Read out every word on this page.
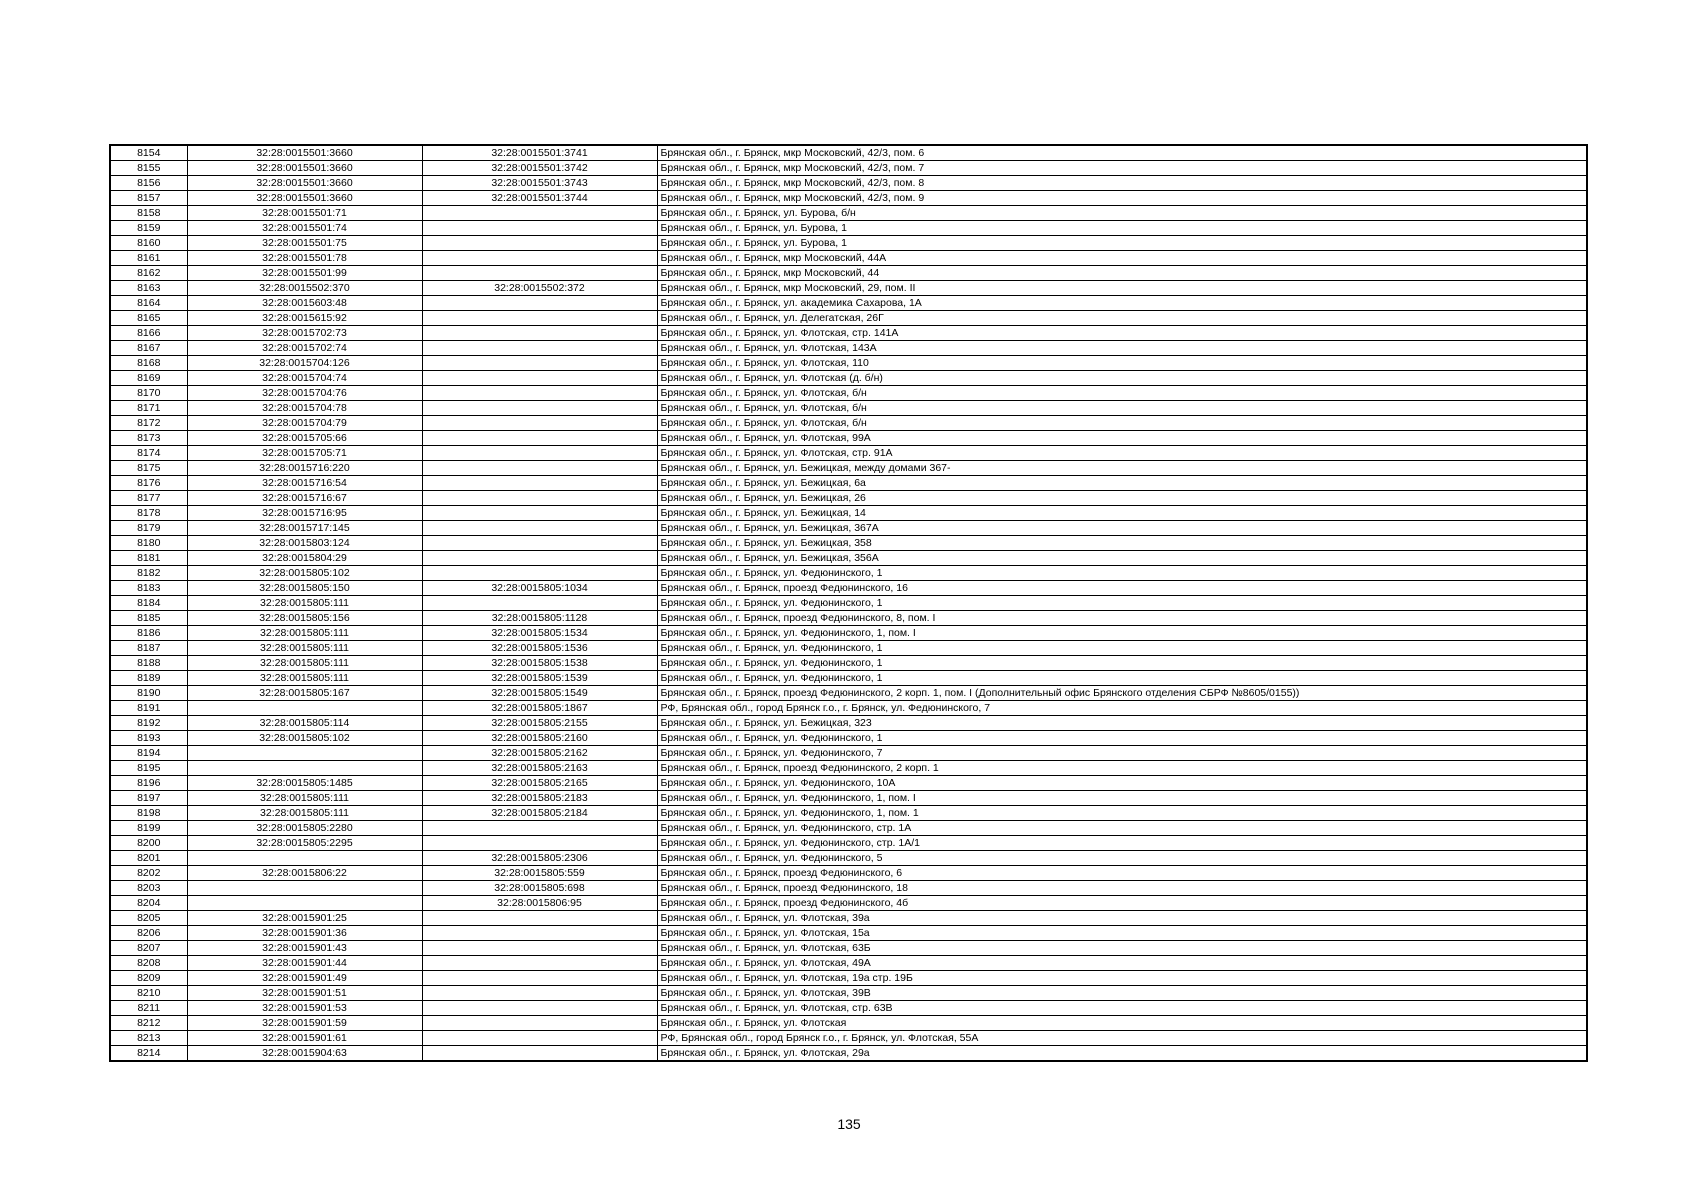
8154	32:28:0015501:3660	32:28:0015501:3741	Брянская обл., г. Брянск, мкр Московский, 42/3, пом. 6
8155	32:28:0015501:3660	32:28:0015501:3742	Брянская обл., г. Брянск, мкр Московский, 42/3, пом. 7
8156	32:28:0015501:3660	32:28:0015501:3743	Брянская обл., г. Брянск, мкр Московский, 42/3, пом. 8
8157	32:28:0015501:3660	32:28:0015501:3744	Брянская обл., г. Брянск, мкр Московский, 42/3, пом. 9
8158	32:28:0015501:71		Брянская обл., г. Брянск, ул. Бурова, б/н
8159	32:28:0015501:74		Брянская обл., г. Брянск, ул. Бурова, 1
8160	32:28:0015501:75		Брянская обл., г. Брянск, ул. Бурова, 1
8161	32:28:0015501:78		Брянская обл., г. Брянск, мкр Московский, 44А
8162	32:28:0015501:99		Брянская обл., г. Брянск, мкр Московский, 44
8163	32:28:0015502:370	32:28:0015502:372	Брянская обл., г. Брянск, мкр Московский, 29, пом. II
8164	32:28:0015603:48		Брянская обл., г. Брянск, ул. академика Сахарова, 1А
8165	32:28:0015615:92		Брянская обл., г. Брянск, ул. Делегатская, 26Г
8166	32:28:0015702:73		Брянская обл., г. Брянск, ул. Флотская, стр. 141А
8167	32:28:0015702:74		Брянская обл., г. Брянск, ул. Флотская, 143А
8168	32:28:0015704:126		Брянская обл., г. Брянск, ул. Флотская, 110
8169	32:28:0015704:74		Брянская обл., г. Брянск, ул. Флотская (д. б/н)
8170	32:28:0015704:76		Брянская обл., г. Брянск, ул. Флотская, б/н
8171	32:28:0015704:78		Брянская обл., г. Брянск, ул. Флотская, б/н
8172	32:28:0015704:79		Брянская обл., г. Брянск, ул. Флотская, б/н
8173	32:28:0015705:66		Брянская обл., г. Брянск, ул. Флотская, 99А
8174	32:28:0015705:71		Брянская обл., г. Брянск, ул. Флотская, стр. 91А
8175	32:28:0015716:220		Брянская обл., г. Брянск, ул. Бежицкая, между домами 367-
8176	32:28:0015716:54		Брянская обл., г. Брянск, ул. Бежицкая, 6а
8177	32:28:0015716:67		Брянская обл., г. Брянск, ул. Бежицкая, 26
8178	32:28:0015716:95		Брянская обл., г. Брянск, ул. Бежицкая, 14
8179	32:28:0015717:145		Брянская обл., г. Брянск, ул. Бежицкая, 367А
8180	32:28:0015803:124		Брянская обл., г. Брянск, ул. Бежицкая, 358
8181	32:28:0015804:29		Брянская обл., г. Брянск, ул. Бежицкая, 356А
8182	32:28:0015805:102		Брянская обл., г. Брянск, ул. Федюнинского, 1
8183	32:28:0015805:150	32:28:0015805:1034	Брянская обл., г. Брянск, проезд Федюнинского, 16
8184	32:28:0015805:111		Брянская обл., г. Брянск, ул. Федюнинского, 1
8185	32:28:0015805:156	32:28:0015805:1128	Брянская обл., г. Брянск, проезд Федюнинского, 8, пом. I
8186	32:28:0015805:111	32:28:0015805:1534	Брянская обл., г. Брянск, ул. Федюнинского, 1, пом. I
8187	32:28:0015805:111	32:28:0015805:1536	Брянская обл., г. Брянск, ул. Федюнинского, 1
8188	32:28:0015805:111	32:28:0015805:1538	Брянская обл., г. Брянск, ул. Федюнинского, 1
8189	32:28:0015805:111	32:28:0015805:1539	Брянская обл., г. Брянск, ул. Федюнинского, 1
8190	32:28:0015805:167	32:28:0015805:1549	Брянская обл., г. Брянск, проезд Федюнинского, 2 корп. 1, пом. I (Дополнительный офис Брянского отделения СБРФ №8605/0155))
8191		32:28:0015805:1867	РФ, Брянская обл., город Брянск г.о., г. Брянск, ул. Федюнинского, 7
8192	32:28:0015805:114	32:28:0015805:2155	Брянская обл., г. Брянск, ул. Бежицкая, 323
8193	32:28:0015805:102	32:28:0015805:2160	Брянская обл., г. Брянск, ул. Федюнинского, 1
8194		32:28:0015805:2162	Брянская обл., г. Брянск, ул. Федюнинского, 7
8195		32:28:0015805:2163	Брянская обл., г. Брянск, проезд Федюнинского, 2 корп. 1
8196	32:28:0015805:1485	32:28:0015805:2165	Брянская обл., г. Брянск, ул. Федюнинского, 10А
8197	32:28:0015805:111	32:28:0015805:2183	Брянская обл., г. Брянск, ул. Федюнинского, 1, пом. I
8198	32:28:0015805:111	32:28:0015805:2184	Брянская обл., г. Брянск, ул. Федюнинского, 1, пом. 1
8199	32:28:0015805:2280		Брянская обл., г. Брянск, ул. Федюнинского, стр. 1А
8200	32:28:0015805:2295		Брянская обл., г. Брянск, ул. Федюнинского, стр. 1А/1
8201		32:28:0015805:2306	Брянская обл., г. Брянск, ул. Федюнинского, 5
8202	32:28:0015806:22	32:28:0015805:559	Брянская обл., г. Брянск, проезд Федюнинского, 6
8203		32:28:0015805:698	Брянская обл., г. Брянск, проезд Федюнинского, 18
8204		32:28:0015806:95	Брянская обл., г. Брянск, проезд Федюнинского, 4б
8205	32:28:0015901:25		Брянская обл., г. Брянск, ул. Флотская, 39а
8206	32:28:0015901:36		Брянская обл., г. Брянск, ул. Флотская, 15а
8207	32:28:0015901:43		Брянская обл., г. Брянск, ул. Флотская, 63Б
8208	32:28:0015901:44		Брянская обл., г. Брянск, ул. Флотская, 49А
8209	32:28:0015901:49		Брянская обл., г. Брянск, ул. Флотская, 19а стр. 19Б
8210	32:28:0015901:51		Брянская обл., г. Брянск, ул. Флотская, 39В
8211	32:28:0015901:53		Брянская обл., г. Брянск, ул. Флотская, стр. 63В
8212	32:28:0015901:59		Брянская обл., г. Брянск, ул. Флотская
8213	32:28:0015901:61		РФ, Брянская обл., город Брянск г.о., г. Брянск, ул. Флотская, 55А
8214	32:28:0015904:63		Брянская обл., г. Брянск, ул. Флотская, 29а
135
